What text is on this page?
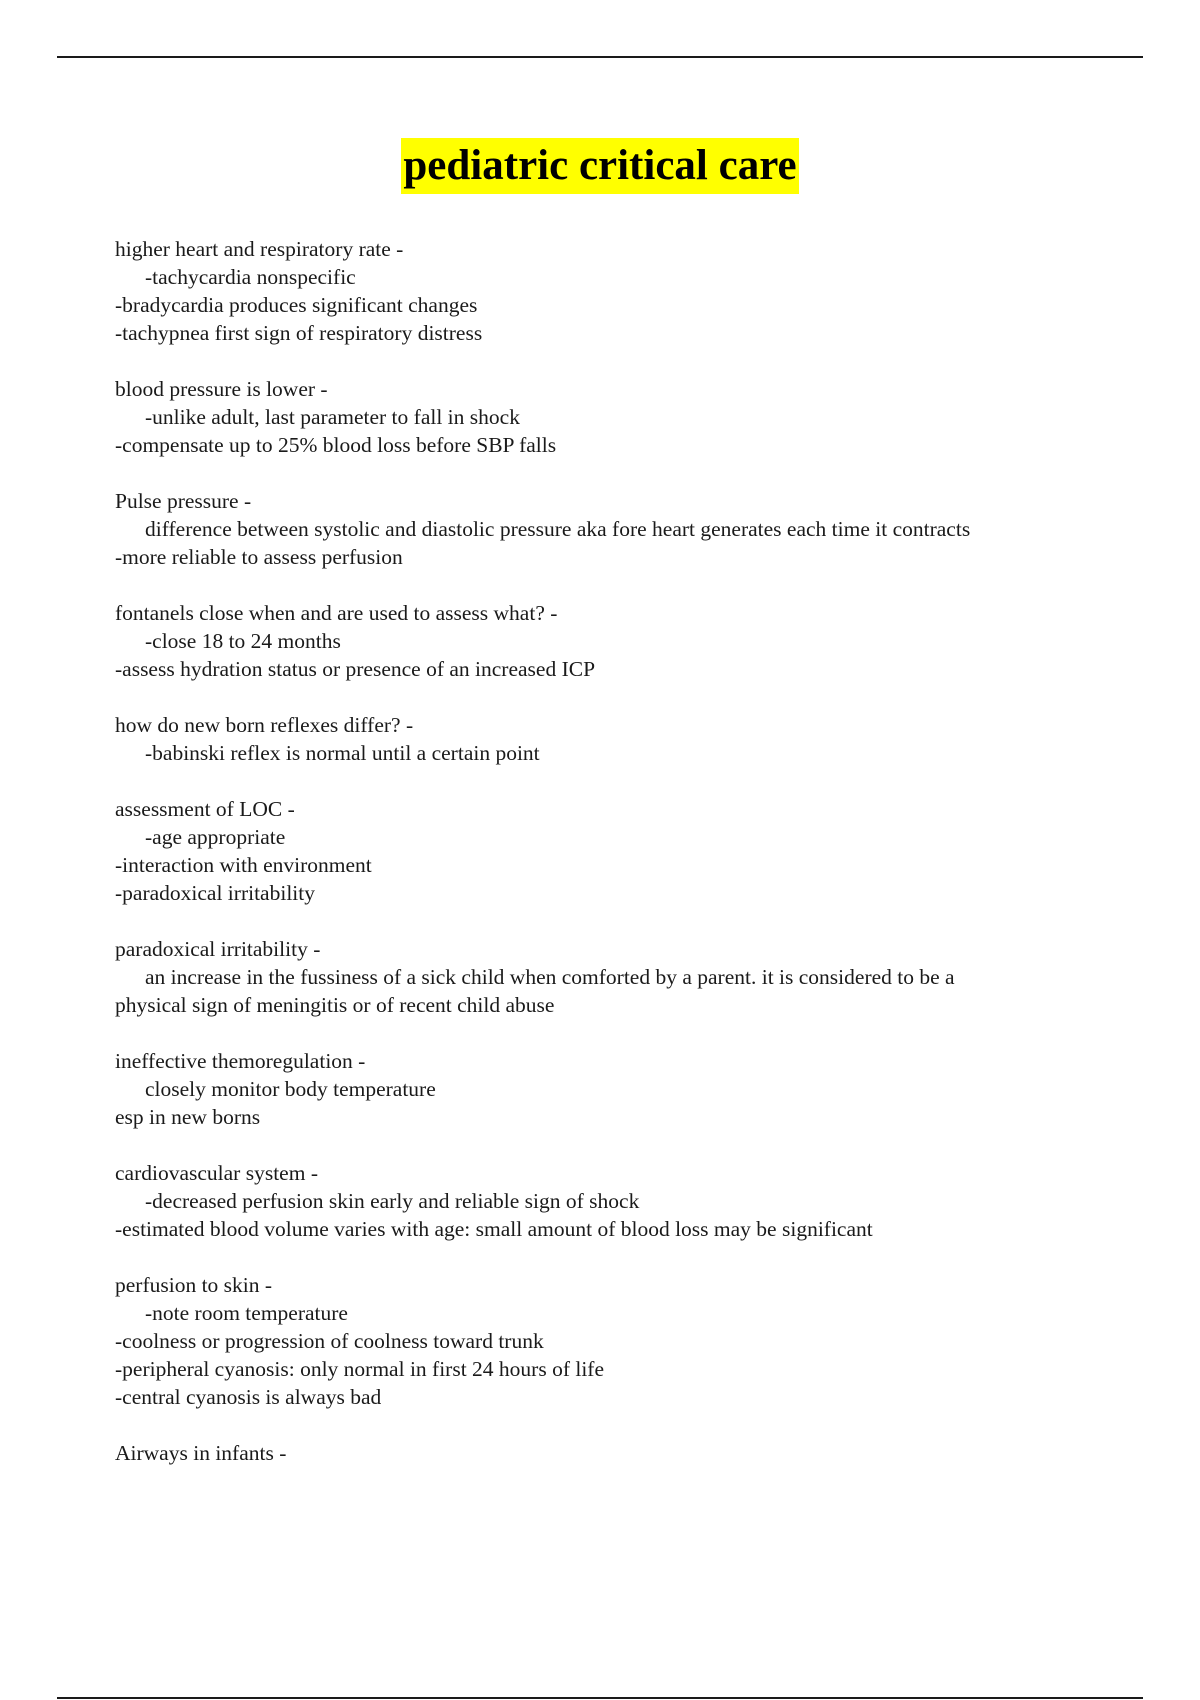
pediatric critical care
higher heart and respiratory rate -
-tachycardia nonspecific
-bradycardia produces significant changes
-tachypnea first sign of respiratory distress
blood pressure is lower -
-unlike adult, last parameter to fall in shock
-compensate up to 25% blood loss before SBP falls
Pulse pressure -
difference between systolic and diastolic pressure aka fore heart generates each time it contracts
-more reliable to assess perfusion
fontanels close when and are used to assess what? -
-close 18 to 24 months
-assess hydration status or presence of an increased ICP
how do new born reflexes differ? -
-babinski reflex is normal until a certain point
assessment of LOC -
-age appropriate
-interaction with environment
-paradoxical irritability
paradoxical irritability -
an increase in the fussiness of a sick child when comforted by a parent. it is considered to be a
physical sign of meningitis or of recent child abuse
ineffective themoregulation -
closely monitor body temperature
esp in new borns
cardiovascular system -
-decreased perfusion skin early and reliable sign of shock
-estimated blood volume varies with age: small amount of blood loss may be significant
perfusion to skin -
-note room temperature
-coolness or progression of coolness toward trunk
-peripheral cyanosis: only normal in first 24 hours of life
-central cyanosis is always bad
Airways in infants -
